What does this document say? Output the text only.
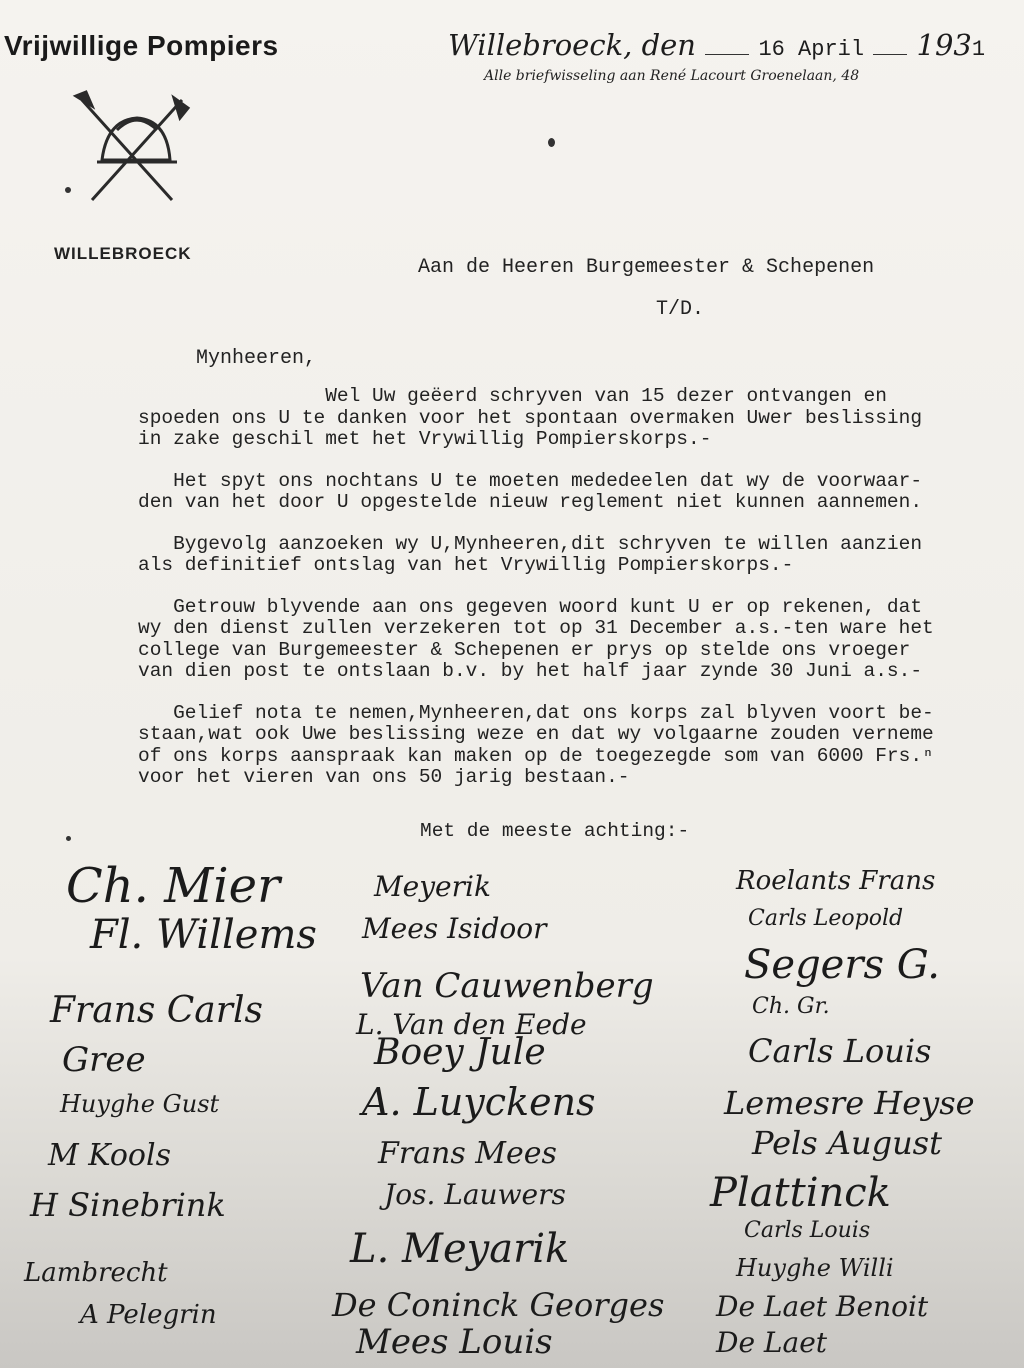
Vrijwillige Pompiers
WILLEBROECK
Willebroeck, den	16 April 1931
Alle briefwisseling aan René Lacourt Groenelaan, 48
Aan de Heeren Burgemeester & Schepenen
T/D.
Mynheeren,

Wel Uw geëerd schryven van 15 dezer ontvangen en
spoeden ons U te danken voor het spontaan overmaken Uwer beslissing
in zake geschil met het Vrywillig Pompierskorps.-

Het spyt ons nochtans U te moeten mededeelen dat wy de voorwaar-
den van het door U opgestelde nieuw reglement niet kunnen aannemen.

Bygevolg aanzoeken wy U,Mynheeren,dit schryven te willen aanzien
als definitief ontslag van het Vrywillig Pompierskorps.-

Getrouw blyvende aan ons gegeven woord kunt U er op rekenen, dat
wy den dienst zullen verzekeren tot op 31 December a.s.-ten ware het
college van Burgemeester & Schepenen er prys op stelde ons vroeger
van dien post te ontslaan b.v. by het half jaar zynde 30 Juni a.s.-

Gelief nota te nemen,Mynheeren,dat ons korps zal blyven voort be-
staan,wat ook Uwe beslissing weze en dat wy volgaarne zouden verneme
of ons korps aanspraak kan maken op de toegezegde som van 6000 Frs.ⁿ
voor het vieren van ons 50 jarig bestaan.-

Met de meeste achting:-
Ch. Mier
Fl. Willems
Frans Carls
Gree
Huyghe Gust
M Kools
H Sinebrink
Lambrecht
A Pelegrin
Meyerik
Mees Isidoor
Van Cauwenberg
L. Van den Eede
Boey Jule
A. Luyckens
Frans Mees
Jos. Lauwers
L. Meyarik
De Coninck Georges
Mees Louis
Roelants Frans
Carls Leopold
Segers G.
Ch. Gr.
Carls Louis
Lemesre Heyse
Pels August
Plattinck
Carls Louis
Huyghe Willi
De Laet Benoit
De Laet
